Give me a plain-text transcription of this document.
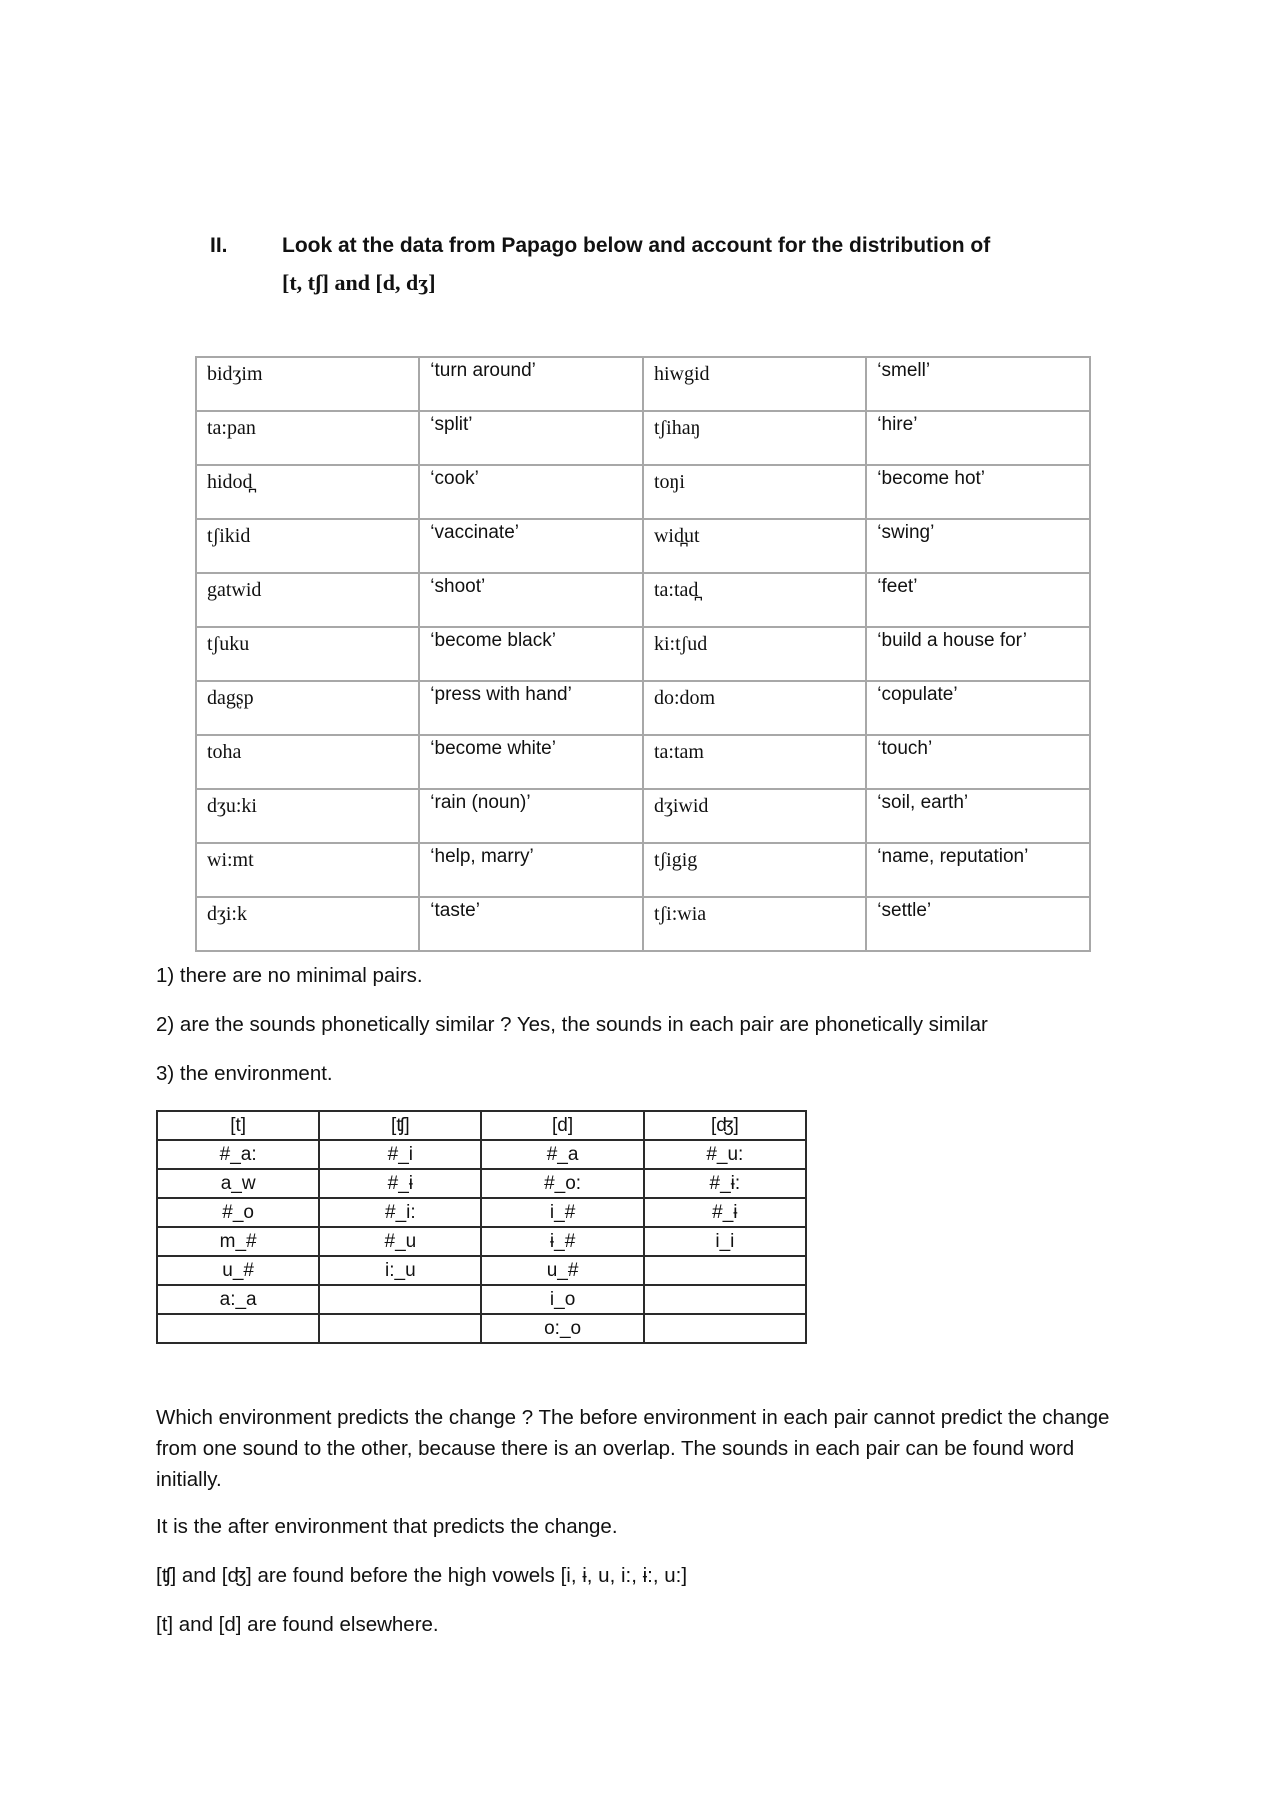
II.	Look at the data from Papago below and account for the distribution of
[t, tʃ] and [d, dʒ]
bidʒim	‘turn around’	hiwgid	‘smell’
ta:pan	‘split’	tʃihaŋ	‘hire’
hidod̪	‘cook’	toŋi	‘become hot’
tʃikid	‘vaccinate’	wid̪ut	‘swing’
gatwid	‘shoot’	ta:tad̪	‘feet’
tʃuku	‘become black’	ki:tʃud	‘build a house for’
dagʂp	‘press with hand’	do:dom	‘copulate’
toha	‘become white’	ta:tam	‘touch’
dʒu:ki	‘rain (noun)’	dʒiwid	‘soil, earth’
wi:mt	‘help, marry’	tʃigig	‘name, reputation’
dʒi:k	‘taste’	tʃi:wia	‘settle’
1) there are no minimal pairs.
2) are the sounds phonetically similar ? Yes, the sounds in each pair are phonetically similar
3) the environment.
[t]	[ʧ]	[d]	[ʤ]
#_a:	#_i	#_a	#_u:
a_w	#_ɨ	#_o:	#_ɨ:
#_o	#_i:	i_#	#_ɨ
m_#	#_u	ɨ_#	i_i
u_#	i:_u	u_#	
a:_a		i_o	
		o:_o	
Which environment predicts the change ? The before environment in each pair cannot predict the change from one sound to the other, because there is an overlap. The sounds in each pair can be found word initially.
It is the after environment that predicts the change.
[ʧ] and [ʤ] are found before the high vowels [i, ɨ, u, i:, ɨ:, u:]
[t] and [d] are found elsewhere.
